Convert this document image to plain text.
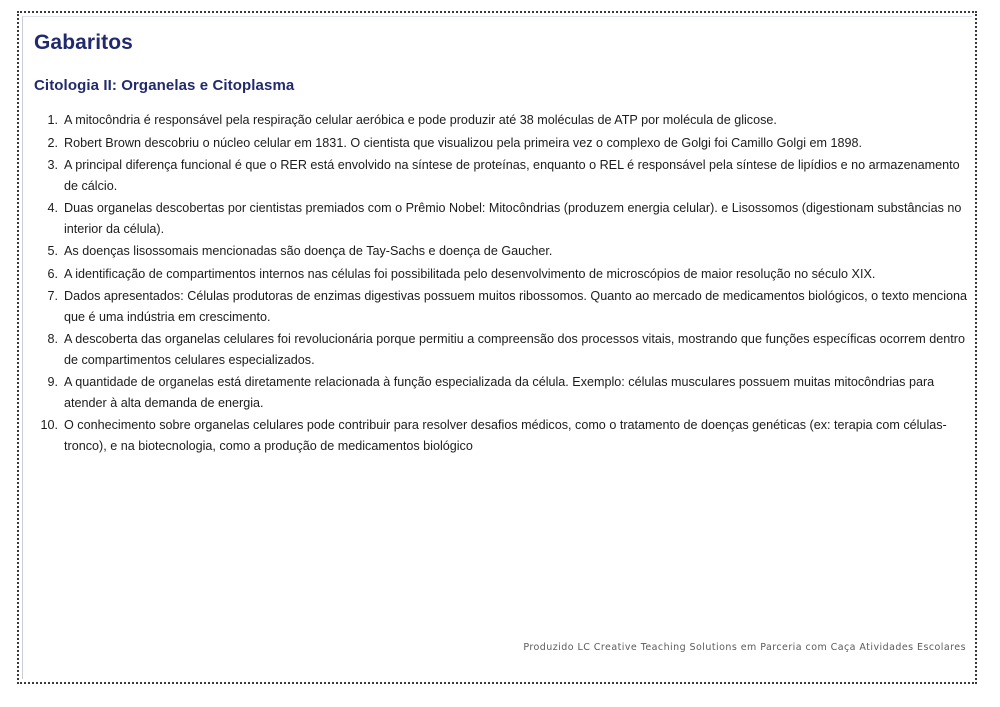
Gabaritos
Citologia II: Organelas e Citoplasma
A mitocôndria é responsável pela respiração celular aeróbica e pode produzir até 38 moléculas de ATP por molécula de glicose.
Robert Brown descobriu o núcleo celular em 1831. O cientista que visualizou pela primeira vez o complexo de Golgi foi Camillo Golgi em 1898.
A principal diferença funcional é que o RER está envolvido na síntese de proteínas, enquanto o REL é responsável pela síntese de lipídios e no armazenamento de cálcio.
Duas organelas descobertas por cientistas premiados com o Prêmio Nobel: Mitocôndrias (produzem energia celular). e Lisossomos (digestionam substâncias no interior da célula).
As doenças lisossomais mencionadas são doença de Tay-Sachs e doença de Gaucher.
A identificação de compartimentos internos nas células foi possibilitada pelo desenvolvimento de microscópios de maior resolução no século XIX.
Dados apresentados: Células produtoras de enzimas digestivas possuem muitos ribossomos. Quanto ao mercado de medicamentos biológicos, o texto menciona que é uma indústria em crescimento.
A descoberta das organelas celulares foi revolucionária porque permitiu a compreensão dos processos vitais, mostrando que funções específicas ocorrem dentro de compartimentos celulares especializados.
A quantidade de organelas está diretamente relacionada à função especializada da célula. Exemplo: células musculares possuem muitas mitocôndrias para atender à alta demanda de energia.
O conhecimento sobre organelas celulares pode contribuir para resolver desafios médicos, como o tratamento de doenças genéticas (ex: terapia com células-tronco), e na biotecnologia, como a produção de medicamentos biológico
Produzido LC Creative Teaching Solutions em Parceria com Caça Atividades Escolares
